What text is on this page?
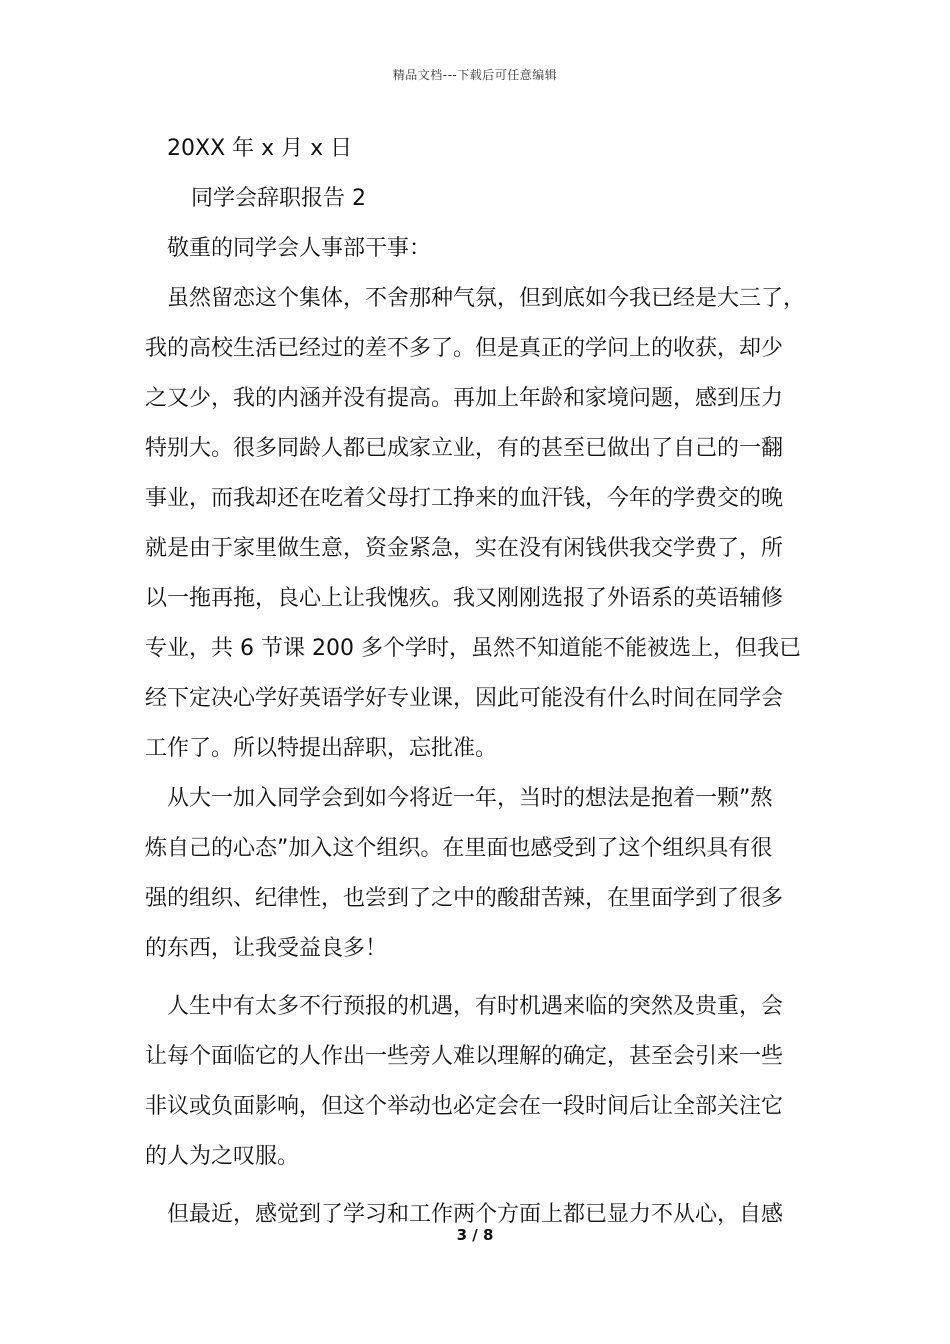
精品文档---下载后可任意编辑
20XX 年 x 月 x 日
同学会辞职报告 2
敬重的同学会人事部干事：
虽然留恋这个集体，不舍那种气氛，但到底如今我已经是大三了，
我的高校生活已经过的差不多了。但是真正的学问上的收获，却少
之又少，我的内涵并没有提高。再加上年龄和家境问题，感到压力
特别大。很多同龄人都已成家立业，有的甚至已做出了自己的一翻
事业，而我却还在吃着父母打工挣来的血汗钱，今年的学费交的晚
就是由于家里做生意，资金紧急，实在没有闲钱供我交学费了，所
以一拖再拖，良心上让我愧疚。我又刚刚选报了外语系的英语辅修
专业，共 6 节课 200 多个学时，虽然不知道能不能被选上，但我已
经下定决心学好英语学好专业课，因此可能没有什么时间在同学会
工作了。所以特提出辞职，忘批准。
从大一加入同学会到如今将近一年，当时的想法是抱着一颗”熬
炼自己的心态”加入这个组织。在里面也感受到了这个组织具有很
强的组织、纪律性，也尝到了之中的酸甜苦辣，在里面学到了很多
的东西，让我受益良多！
人生中有太多不行预报的机遇，有时机遇来临的突然及贵重，会
让每个面临它的人作出一些旁人难以理解的确定，甚至会引来一些
非议或负面影响，但这个举动也必定会在一段时间后让全部关注它
的人为之叹服。
但最近，感觉到了学习和工作两个方面上都已显力不从心，自感
3 / 8
